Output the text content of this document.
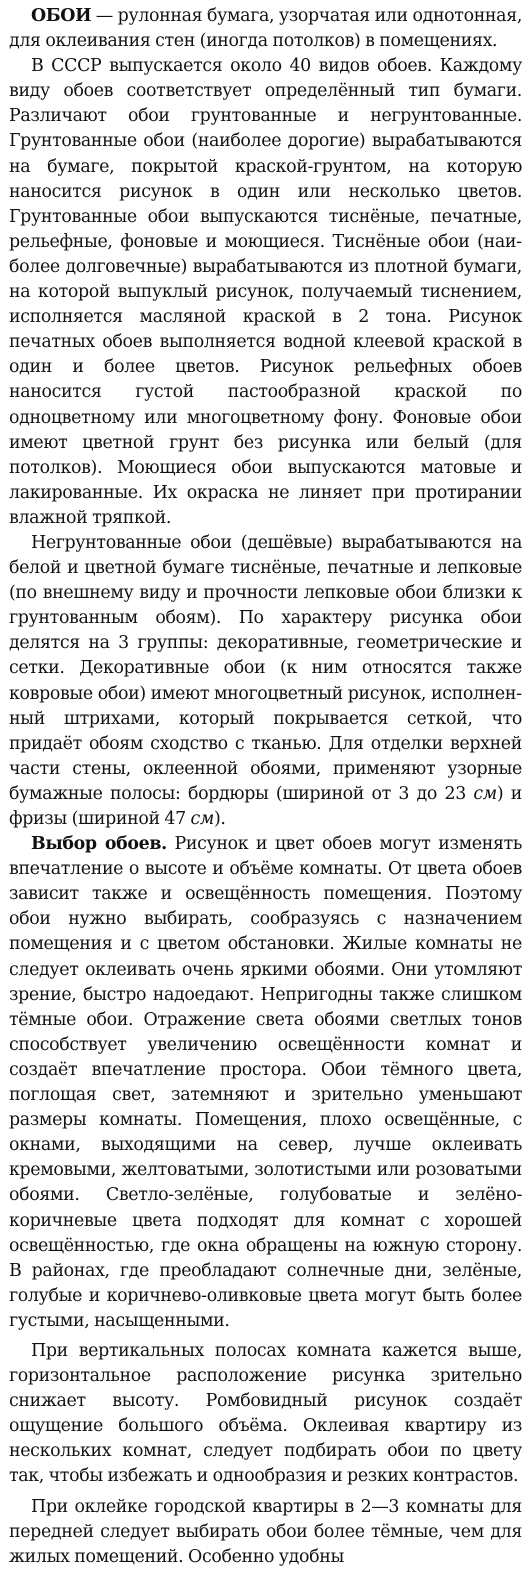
ОБОИ — рулонная бумага, узорчатая или однотонная, для оклеивания стен (иногда потолков) в помещениях.

В СССР выпускается около 40 видов обоев. Каждому виду обоев соответствует определённый тип бумаги. Различают обои грунтованные и негрунтованные. Грунтованные обои (наиболее дорогие) вырабатываются на бумаге, покрытой краской-грунтом, на которую наносится рисунок в один или несколько цветов. Грунтованные обои выпускаются тиснёные, печатные, рельефные, фоновые и моющиеся. Тиснёные обои (наиболее долговечные) вырабатываются из плотной бумаги, на которой выпуклый рисунок, получаемый тиснением, исполняется масляной краской в 2 тона. Рисунок печатных обоев выполняется водной клеевой краской в один и более цветов. Рисунок рельефных обоев наносится густой пастообразной краской по одноцветному или многоцветному фону. Фоновые обои имеют цветной грунт без рисунка или белый (для потолков). Моющиеся обои выпускаются матовые и лакированные. Их окраска не линяет при протирании влажной тряпкой.

Негрунтованные обои (дешёвые) вырабатываются на белой и цветной бумаге тиснёные, печатные и лепковые (по внешнему виду и прочности лепковые обои близки к грунтованным обоям). По характеру рисунка обои делятся на 3 группы: декоративные, геометрические и сетки. Декоративные обои (к ним относятся также ковровые обои) имеют многоцветный рисунок, исполненный штрихами, который покрывается сеткой, что придаёт обоям сходство с тканью. Для отделки верхней части стены, оклеенной обоями, применяют узорные бумажные полосы: бордюры (шириной от 3 до 23 см) и фризы (шириной 47 см).

Выбор обоев. Рисунок и цвет обоев могут изменять впечатление о высоте и объёме комнаты. От цвета обоев зависит также и освещённость помещения. Поэтому обои нужно выбирать, сообразуясь с назначением помещения и с цветом обстановки. Жилые комнаты не следует оклеивать очень яркими обоями. Они утомляют зрение, быстро надоедают. Непригодны также слишком тёмные обои. Отражение света обоями светлых тонов способствует увеличению освещённости комнат и создаёт впечатление простора. Обои тёмного цвета, поглощая свет, затемняют и зрительно уменьшают размеры комнаты. Помещения, плохо освещённые, с окнами, выходящими на север, лучше оклеивать кремовыми, желтоватыми, золотистыми или розоватыми обоями. Светло-зелёные, голубоватые и зелёно-коричневые цвета подходят для комнат с хорошей освещённостью, где окна обращены на южную сторону. В районах, где преобладают солнечные дни, зелёные, голубые и коричнево-оливковые цвета могут быть более густыми, насыщенными.

При вертикальных полосах комната кажется выше, горизонтальное расположение рисунка зрительно снижает высоту. Ромбовидный рисунок создаёт ощущение большого объёма. Оклеивая квартиру из нескольких комнат, следует подбирать обои по цвету так, чтобы избежать и однообразия и резких контрастов.

При оклейке городской квартиры в 2—3 комнаты для передней следует выбирать обои более тёмные, чем для жилых помещений. Особенно удобны
